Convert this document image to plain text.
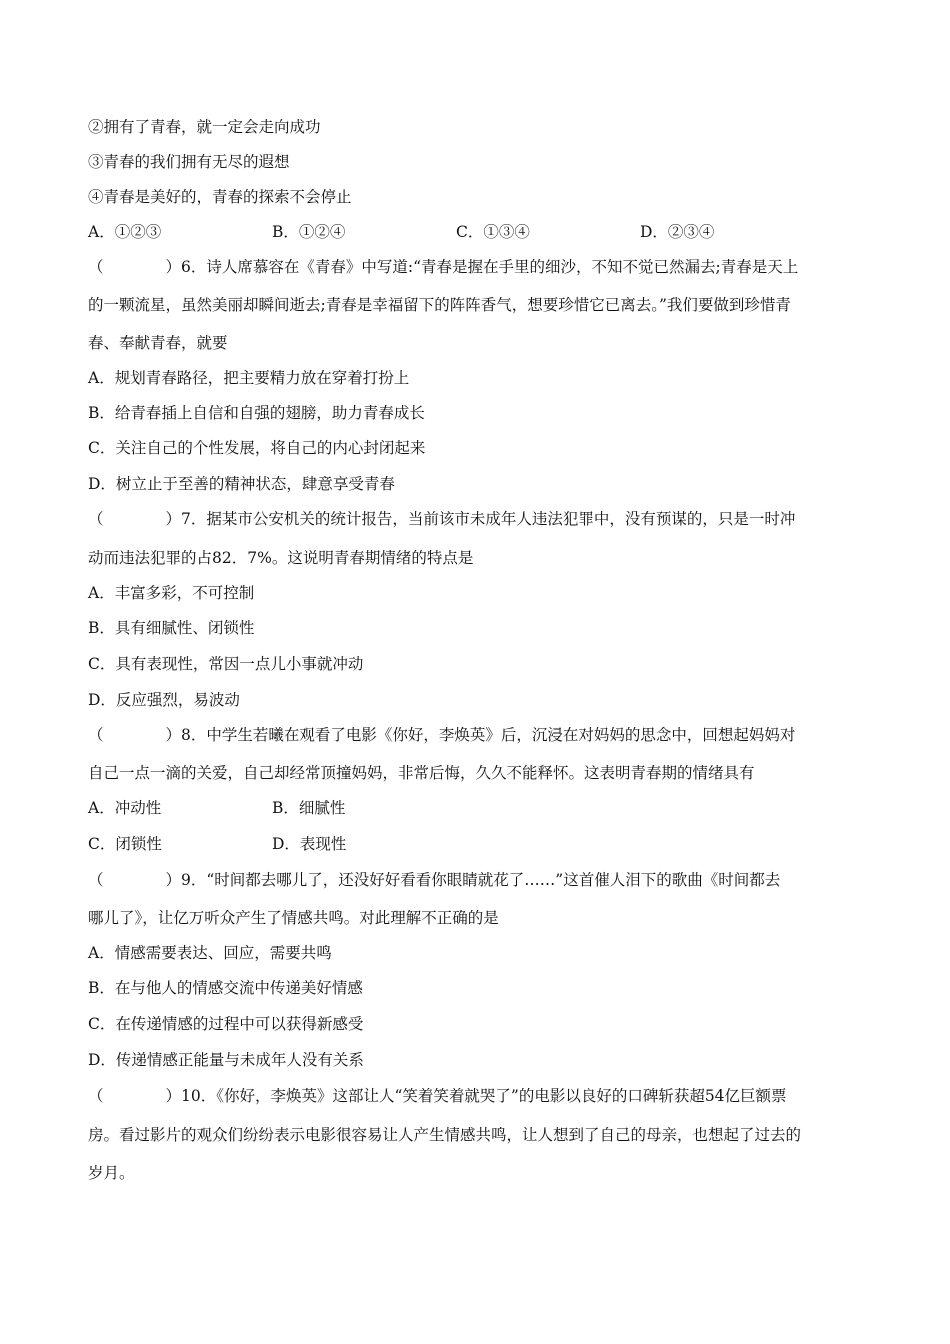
②拥有了青春，就一定会走向成功
③青春的我们拥有无尽的遐想
④青春是美好的，青春的探索不会停止
A．①②③	B．①②④	C．①③④	D．②③④
（　　　　）6．诗人席慕容在《青春》中写道:“青春是握在手里的细沙，不知不觉已然漏去;青春是天上
的一颗流星，虽然美丽却瞬间逝去;青春是幸福留下的阵阵香气，想要珍惜它已离去。”我们要做到珍惜青
春、奉献青春，就要
A．规划青春路径，把主要精力放在穿着打扮上
B．给青春插上自信和自强的翅膀，助力青春成长
C．关注自己的个性发展，将自己的内心封闭起来
D．树立止于至善的精神状态，肆意享受青春
（　　　　）7．据某市公安机关的统计报告，当前该市未成年人违法犯罪中，没有预谋的，只是一时冲
动而违法犯罪的占82．7%。这说明青春期情绪的特点是
A．丰富多彩，不可控制
B．具有细腻性、闭锁性
C．具有表现性，常因一点儿小事就冲动
D．反应强烈，易波动
（　　　　）8．中学生若曦在观看了电影《你好，李焕英》后，沉浸在对妈妈的思念中，回想起妈妈对
自己一点一滴的关爱，自己却经常顶撞妈妈，非常后悔，久久不能释怀。这表明青春期的情绪具有
A．冲动性	B．细腻性
C．闭锁性	D．表现性
（　　　　）9．“时间都去哪儿了，还没好好看看你眼睛就花了……”这首催人泪下的歌曲《时间都去
哪儿了》，让亿万听众产生了情感共鸣。对此理解不正确的是
A．情感需要表达、回应，需要共鸣
B．在与他人的情感交流中传递美好情感
C．在传递情感的过程中可以获得新感受
D．传递情感正能量与未成年人没有关系
（　　　　）10．《你好，李焕英》这部让人“笑着笑着就哭了”的电影以良好的口碑斩获超54亿巨额票
房。看过影片的观众们纷纷表示电影很容易让人产生情感共鸣，让人想到了自己的母亲，也想起了过去的
岁月。
